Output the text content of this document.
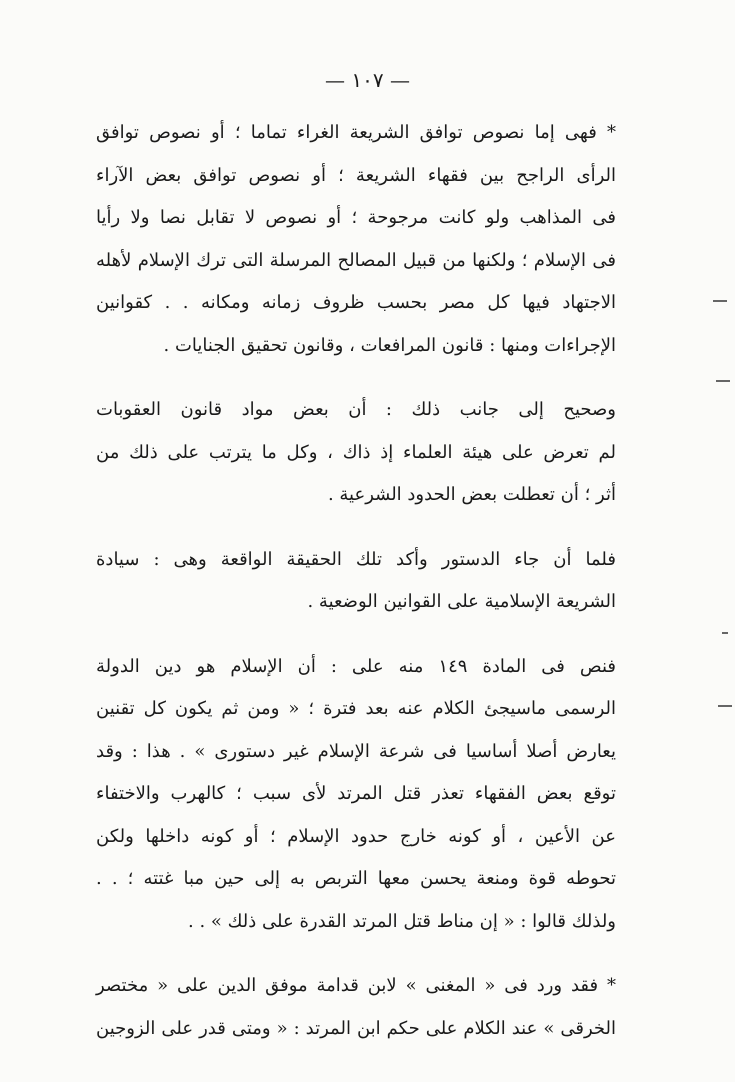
— ١٠٧ —
* فهى إما نصوص توافق الشريعة الغراء تماما ؛ أو نصوص توافق
الرأى الراجح بين فقهاء الشريعة ؛ أو نصوص توافق بعض الآراء
فى المذاهب ولو كانت مرجوحة ؛ أو نصوص لا تقابل نصا ولا رأيا
فى الإسلام ؛ ولكنها من قبيل المصالح المرسلة التى ترك الإسلام لأهله
الاجتهاد فيها كل مصر بحسب ظروف زمانه ومكانه . . كقوانين
الإجراءات ومنها : قانون المرافعات ، وقانون تحقيق الجنايات .
وصحيح إلى جانب ذلك : أن بعض مواد قانون العقوبات
لم تعرض على هيئة العلماء إذ ذاك ، وكل ما يترتب على ذلك من
أثر ؛ أن تعطلت بعض الحدود الشرعية .
فلما أن جاء الدستور وأكد تلك الحقيقة الواقعة وهى : سيادة
الشريعة الإسلامية على القوانين الوضعية .
فنص فى المادة ١٤٩ منه على : أن الإسلام هو دين الدولة
الرسمى ماسيجئ الكلام عنه بعد فترة ؛ « ومن ثم يكون كل تقنين
يعارض أصلا أساسيا فى شرعة الإسلام غير دستورى » . هذا : وقد
توقع بعض الفقهاء تعذر قتل المرتد لأى سبب ؛ كالهرب والاختفاء
عن الأعين ، أو كونه خارج حدود الإسلام ؛ أو كونه داخلها ولكن
تحوطه قوة ومنعة يحسن معها التربص به إلى حين مبا غتته ؛ . .
ولذلك قالوا : « إن مناط قتل المرتد القدرة على ذلك » . .
* فقد ورد فى « المغنى » لابن قدامة موفق الدين على « مختصر
الخرقى » عند الكلام على حكم ابن المرتد : « ومتى قدر على الزوجين
